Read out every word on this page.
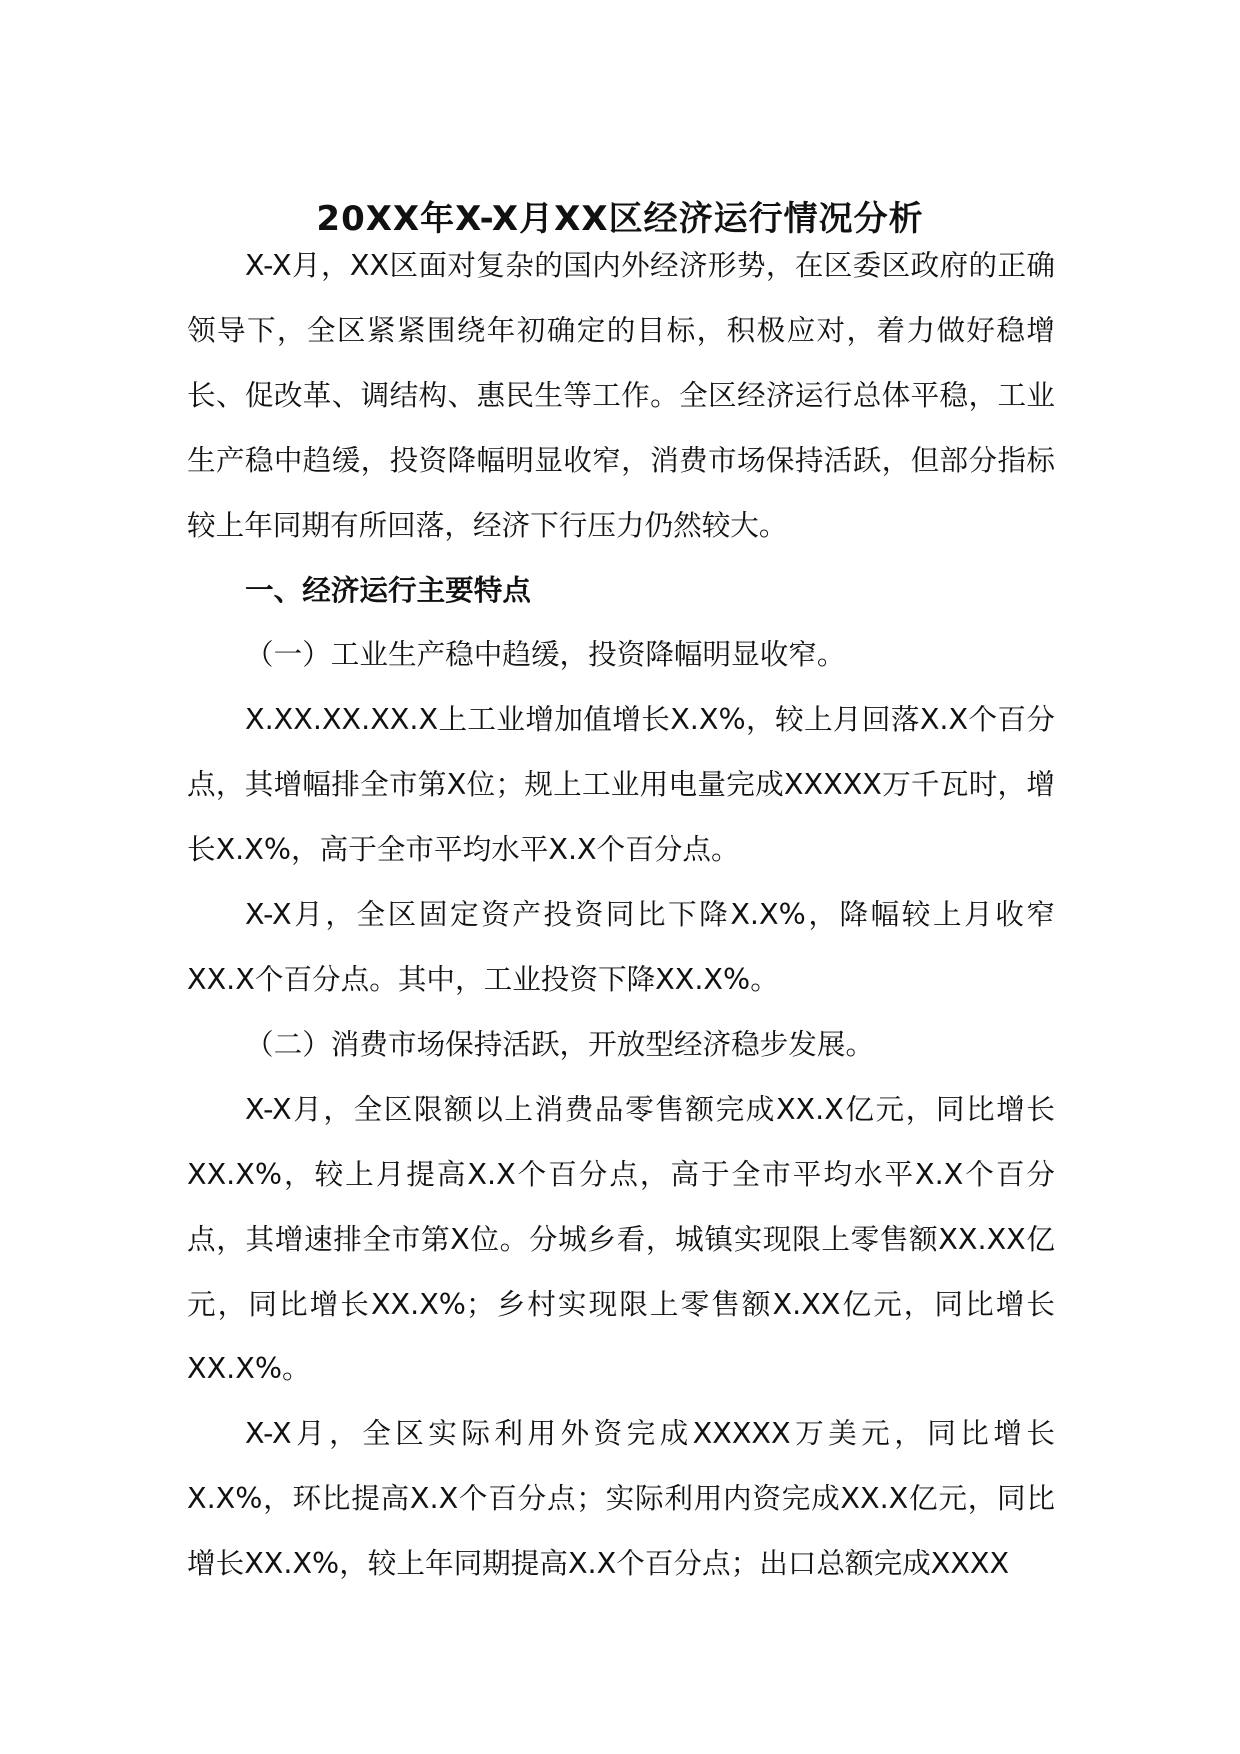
20XX年X-X月XX区经济运行情况分析

X-X月，XX区面对复杂的国内外经济形势，在区委区政府的正确领导下，全区紧紧围绕年初确定的目标，积极应对，着力做好稳增长、促改革、调结构、惠民生等工作。全区经济运行总体平稳，工业生产稳中趋缓，投资降幅明显收窄，消费市场保持活跃，但部分指标较上年同期有所回落，经济下行压力仍然较大。

一、经济运行主要特点

（一）工业生产稳中趋缓，投资降幅明显收窄。

X.XX.XX.XX.X上工业增加值增长X.X%，较上月回落X.X个百分点，其增幅排全市第X位；规上工业用电量完成XXXXX万千瓦时，增长X.X%，高于全市平均水平X.X个百分点。

X-X月，全区固定资产投资同比下降X.X%，降幅较上月收窄XX.X个百分点。其中，工业投资下降XX.X%。

（二）消费市场保持活跃，开放型经济稳步发展。

X-X月，全区限额以上消费品零售额完成XX.X亿元，同比增长XX.X%，较上月提高X.X个百分点，高于全市平均水平X.X个百分点，其增速排全市第X位。分城乡看，城镇实现限上零售额XX.XX亿元，同比增长XX.X%；乡村实现限上零售额X.XX亿元，同比增长XX.X%。

X-X月，全区实际利用外资完成XXXXX万美元，同比增长X.X%，环比提高X.X个百分点；实际利用内资完成XX.X亿元，同比增长XX.X%，较上年同期提高X.X个百分点；出口总额完成XXXX
